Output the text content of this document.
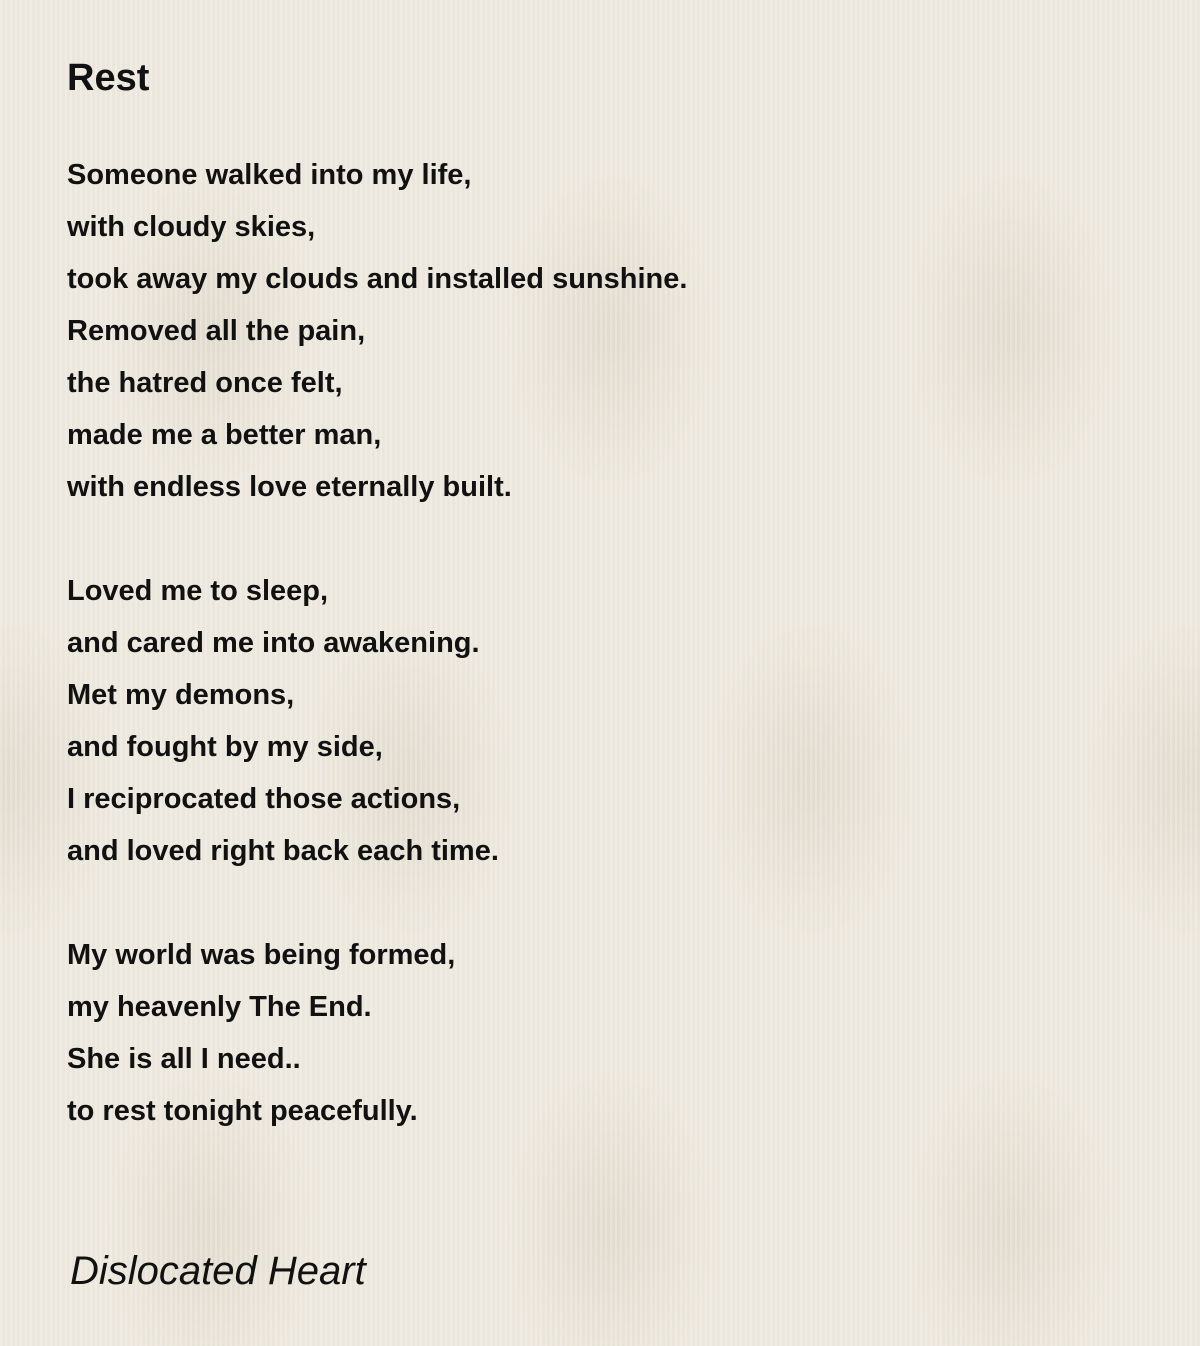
Rest
Someone walked into my life,
with cloudy skies,
took away my clouds and installed sunshine.
Removed all the pain,
the hatred once felt,
made me a better man,
with endless love eternally built.
Loved me to sleep,
and cared me into awakening.
Met my demons,
and fought by my side,
I reciprocated those actions,
and loved right back each time.
My world was being formed,
my heavenly The End.
She is all I need..
to rest tonight peacefully.
Dislocated Heart
